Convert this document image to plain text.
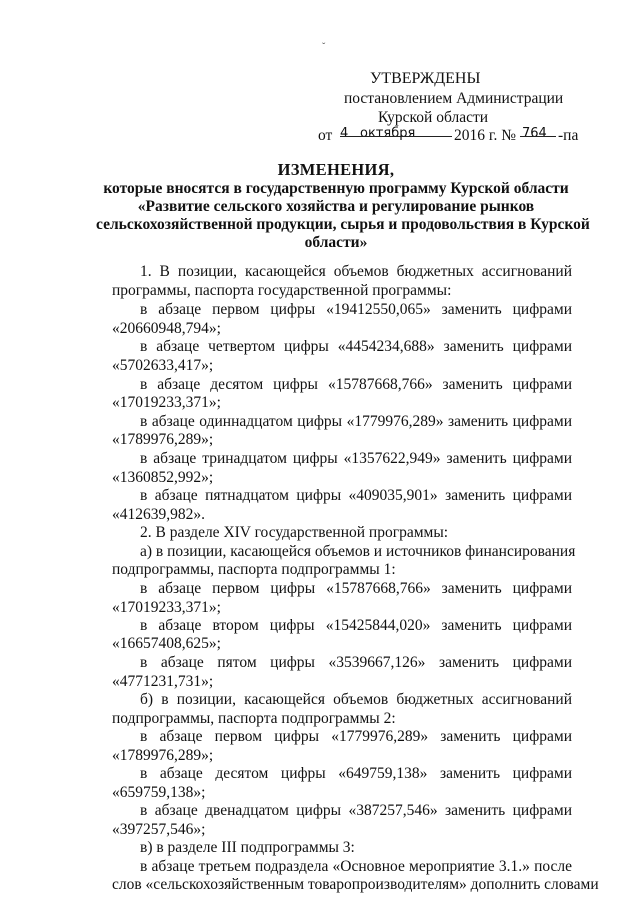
ˇ
УТВЕРЖДЕНЫ
постановлением Администрации
Курской области
от 4 октября 2016 г. № 764 -па
ИЗМЕНЕНИЯ,
которые вносятся в государственную программу Курской области
«Развитие сельского хозяйства и регулирование рынков
сельскохозяйственной продукции, сырья и продовольствия в Курской
области»
1. В позиции, касающейся объемов бюджетных ассигнований
программы, паспорта государственной программы:
в абзаце первом цифры «19412550,065» заменить цифрами
«20660948,794»;
в абзаце четвертом цифры «4454234,688» заменить цифрами
«5702633,417»;
в абзаце десятом цифры «15787668,766» заменить цифрами
«17019233,371»;
в абзаце одиннадцатом цифры «1779976,289» заменить цифрами
«1789976,289»;
в абзаце тринадцатом цифры «1357622,949» заменить цифрами
«1360852,992»;
в абзаце пятнадцатом цифры «409035,901» заменить цифрами
«412639,982».
2. В разделе XIV государственной программы:
а) в позиции, касающейся объемов и источников финансирования
подпрограммы, паспорта подпрограммы 1:
в абзаце первом цифры «15787668,766» заменить цифрами
«17019233,371»;
в абзаце втором цифры «15425844,020» заменить цифрами
«16657408,625»;
в абзаце пятом цифры «3539667,126» заменить цифрами
«4771231,731»;
б) в позиции, касающейся объемов бюджетных ассигнований
подпрограммы, паспорта подпрограммы 2:
в абзаце первом цифры «1779976,289» заменить цифрами
«1789976,289»;
в абзаце десятом цифры «649759,138» заменить цифрами
«659759,138»;
в абзаце двенадцатом цифры «387257,546» заменить цифрами
«397257,546»;
в) в разделе III подпрограммы 3:
в абзаце третьем подраздела «Основное мероприятие 3.1.» после
слов «сельскохозяйственным товаропроизводителям» дополнить словами
